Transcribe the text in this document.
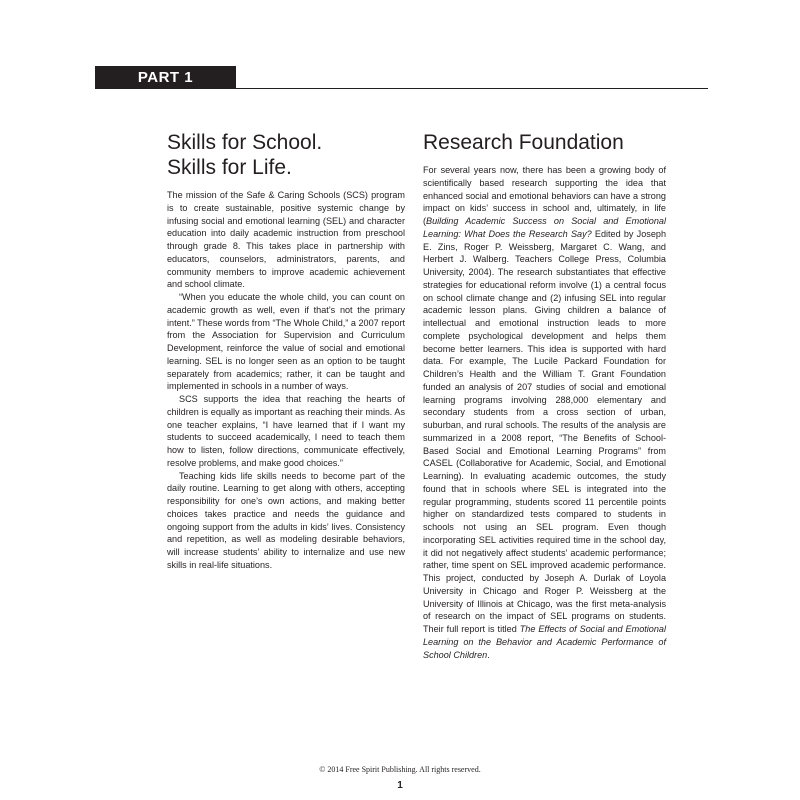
PART 1
Skills for School.
Skills for Life.

The mission of the Safe & Caring Schools (SCS) program is to create sustainable, positive systemic change by infusing social and emotional learning (SEL) and character education into daily academic instruction from preschool through grade 8. This takes place in partnership with educators, counselors, administrators, parents, and community members to improve academic achievement and school climate.

“When you educate the whole child, you can count on academic growth as well, even if that’s not the primary intent.” These words from “The Whole Child,” a 2007 report from the Association for Supervision and Curriculum Development, reinforce the value of social and emotional learning. SEL is no longer seen as an option to be taught separately from academics; rather, it can be taught and implemented in schools in a number of ways.

SCS supports the idea that reaching the hearts of children is equally as important as reaching their minds. As one teacher explains, “I have learned that if I want my students to succeed academically, I need to teach them how to listen, follow directions, communicate effectively, resolve problems, and make good choices.”

Teaching kids life skills needs to become part of the daily routine. Learning to get along with others, accepting responsibility for one’s own actions, and making better choices takes practice and needs the guidance and ongoing support from the adults in kids’ lives. Consistency and repetition, as well as modeling desirable behaviors, will increase students’ ability to internalize and use new skills in real-life situations.

Research Foundation

For several years now, there has been a growing body of scientifically based research supporting the idea that enhanced social and emotional behaviors can have a strong impact on kids’ success in school and, ultimately, in life (Building Academic Success on Social and Emotional Learning: What Does the Research Say? Edited by Joseph E. Zins, Roger P. Weissberg, Margaret C. Wang, and Herbert J. Walberg. Teachers College Press, Columbia University, 2004). The research substantiates that effective strategies for educational reform involve (1) a central focus on school climate change and (2) infusing SEL into regular academic lesson plans. Giving children a balance of intellectual and emotional instruction leads to more complete psychological development and helps them become better learners. This idea is supported with hard data. For example, The Lucile Packard Foundation for Children’s Health and the William T. Grant Foundation funded an analysis of 207 studies of social and emotional learning programs involving 288,000 elementary and secondary students from a cross section of urban, suburban, and rural schools. The results of the analysis are summarized in a 2008 report, “The Benefits of School-Based Social and Emotional Learning Programs” from CASEL (Collaborative for Academic, Social, and Emotional Learning). In evaluating academic outcomes, the study found that in schools where SEL is integrated into the regular programming, students scored 11 percentile points higher on standardized tests compared to students in schools not using an SEL program. Even though incorporating SEL activities required time in the school day, it did not negatively affect students’ academic performance; rather, time spent on SEL improved academic performance. This project, conducted by Joseph A. Durlak of Loyola University in Chicago and Roger P. Weissberg at the University of Illinois at Chicago, was the first meta-analysis of research on the impact of SEL programs on students. Their full report is titled The Effects of Social and Emotional Learning on the Behavior and Academic Performance of School Children.

© 2014 Free Spirit Publishing. All rights reserved.
1
